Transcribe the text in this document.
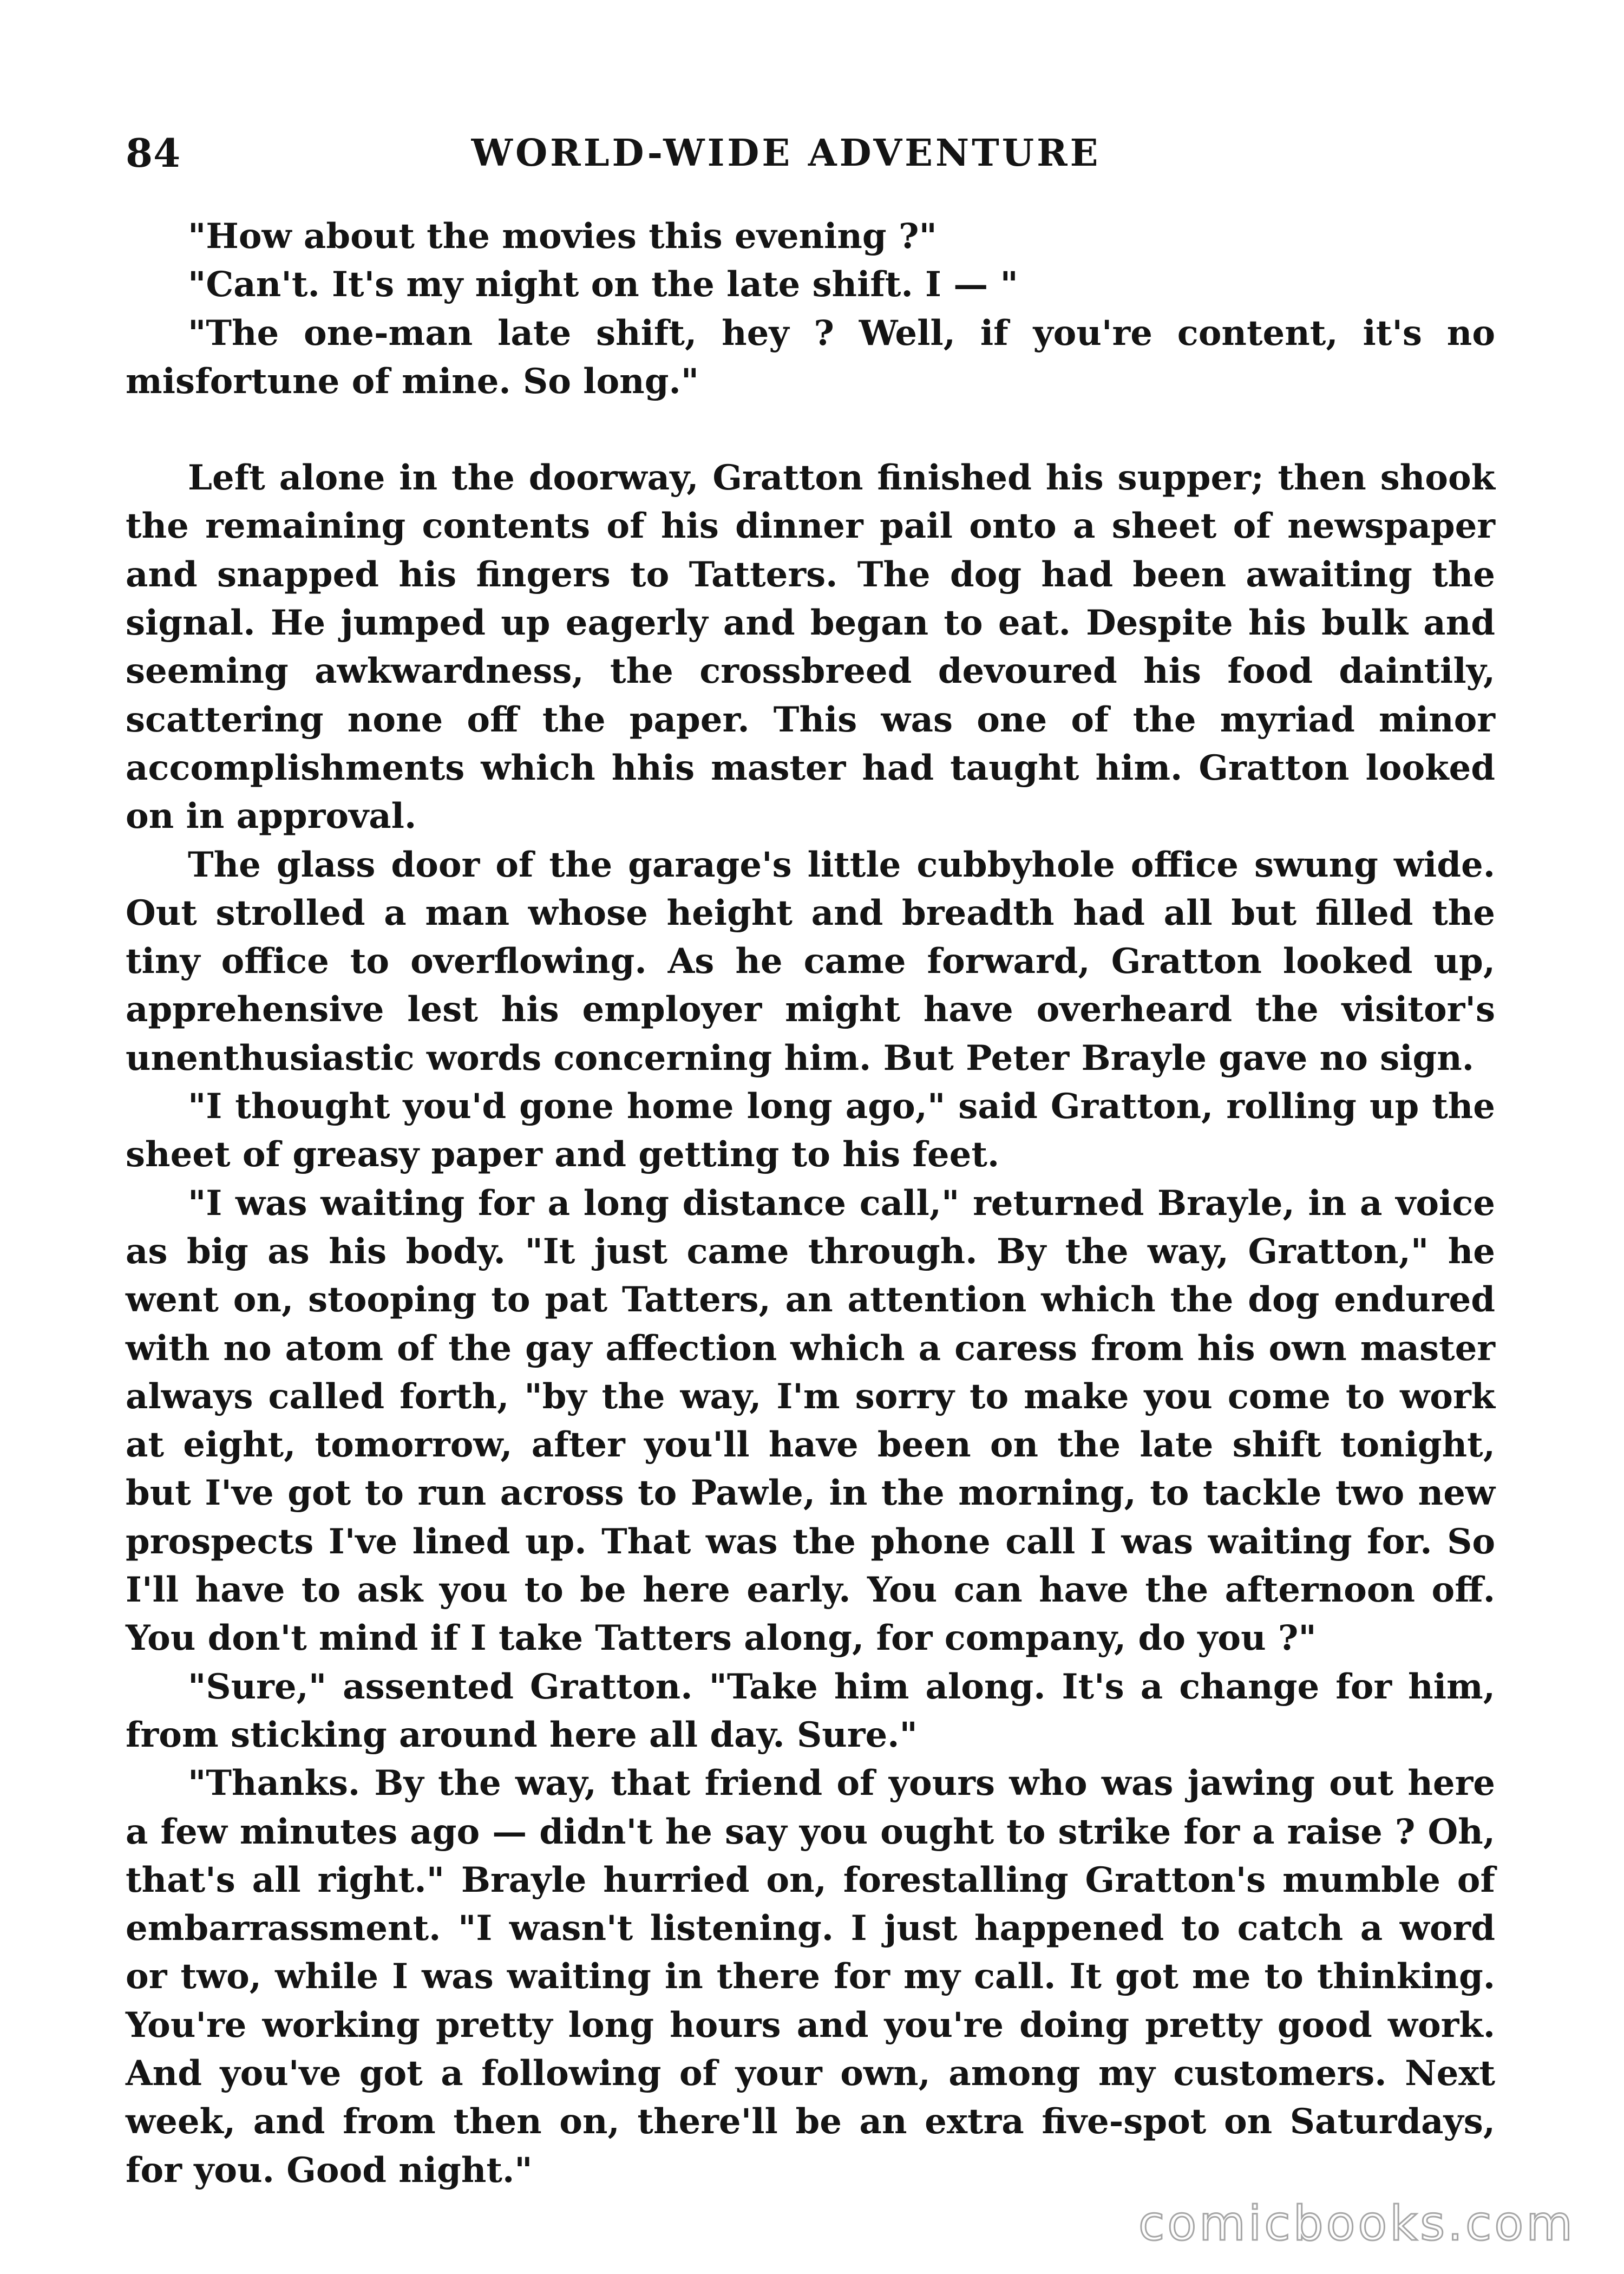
84	WORLD-WIDE ADVENTURE

"How about the movies this evening ?"

"Can't. It's my night on the late shift. I — "

"The one-man late shift, hey ? Well, if you're content, it's no misfortune of mine. So long."

Left alone in the doorway, Gratton finished his supper; then shook the remaining contents of his dinner pail onto a sheet of newspaper and snapped his fingers to Tatters. The dog had been awaiting the signal. He jumped up eagerly and began to eat. Despite his bulk and seeming awkwardness, the crossbreed devoured his food daintily, scattering none off the paper. This was one of the myriad minor accomplishments which hhis master had taught him. Gratton looked on in approval.

The glass door of the garage's little cubbyhole office swung wide. Out strolled a man whose height and breadth had all but filled the tiny office to overflowing. As he came forward, Gratton looked up, apprehensive lest his employer might have overheard the visitor's unenthusiastic words concerning him. But Peter Brayle gave no sign.

"I thought you'd gone home long ago," said Gratton, rolling up the sheet of greasy paper and getting to his feet.

"I was waiting for a long distance call," returned Brayle, in a voice as big as his body. "It just came through. By the way, Gratton," he went on, stooping to pat Tatters, an attention which the dog endured with no atom of the gay affection which a caress from his own master always called forth, "by the way, I'm sorry to make you come to work at eight, tomorrow, after you'll have been on the late shift tonight, but I've got to run across to Pawle, in the morning, to tackle two new prospects I've lined up. That was the phone call I was waiting for. So I'll have to ask you to be here early. You can have the afternoon off. You don't mind if I take Tatters along, for company, do you ?"

"Sure," assented Gratton. "Take him along. It's a change for him, from sticking around here all day. Sure."

"Thanks. By the way, that friend of yours who was jawing out here a few minutes ago — didn't he say you ought to strike for a raise ? Oh, that's all right." Brayle hurried on, forestalling Gratton's mumble of embarrassment. "I wasn't listening. I just happened to catch a word or two, while I was waiting in there for my call. It got me to thinking. You're working pretty long hours and you're doing pretty good work. And you've got a following of your own, among my customers. Next week, and from then on, there'll be an extra five-spot on Saturdays, for you. Good night."

comicbooks.com
